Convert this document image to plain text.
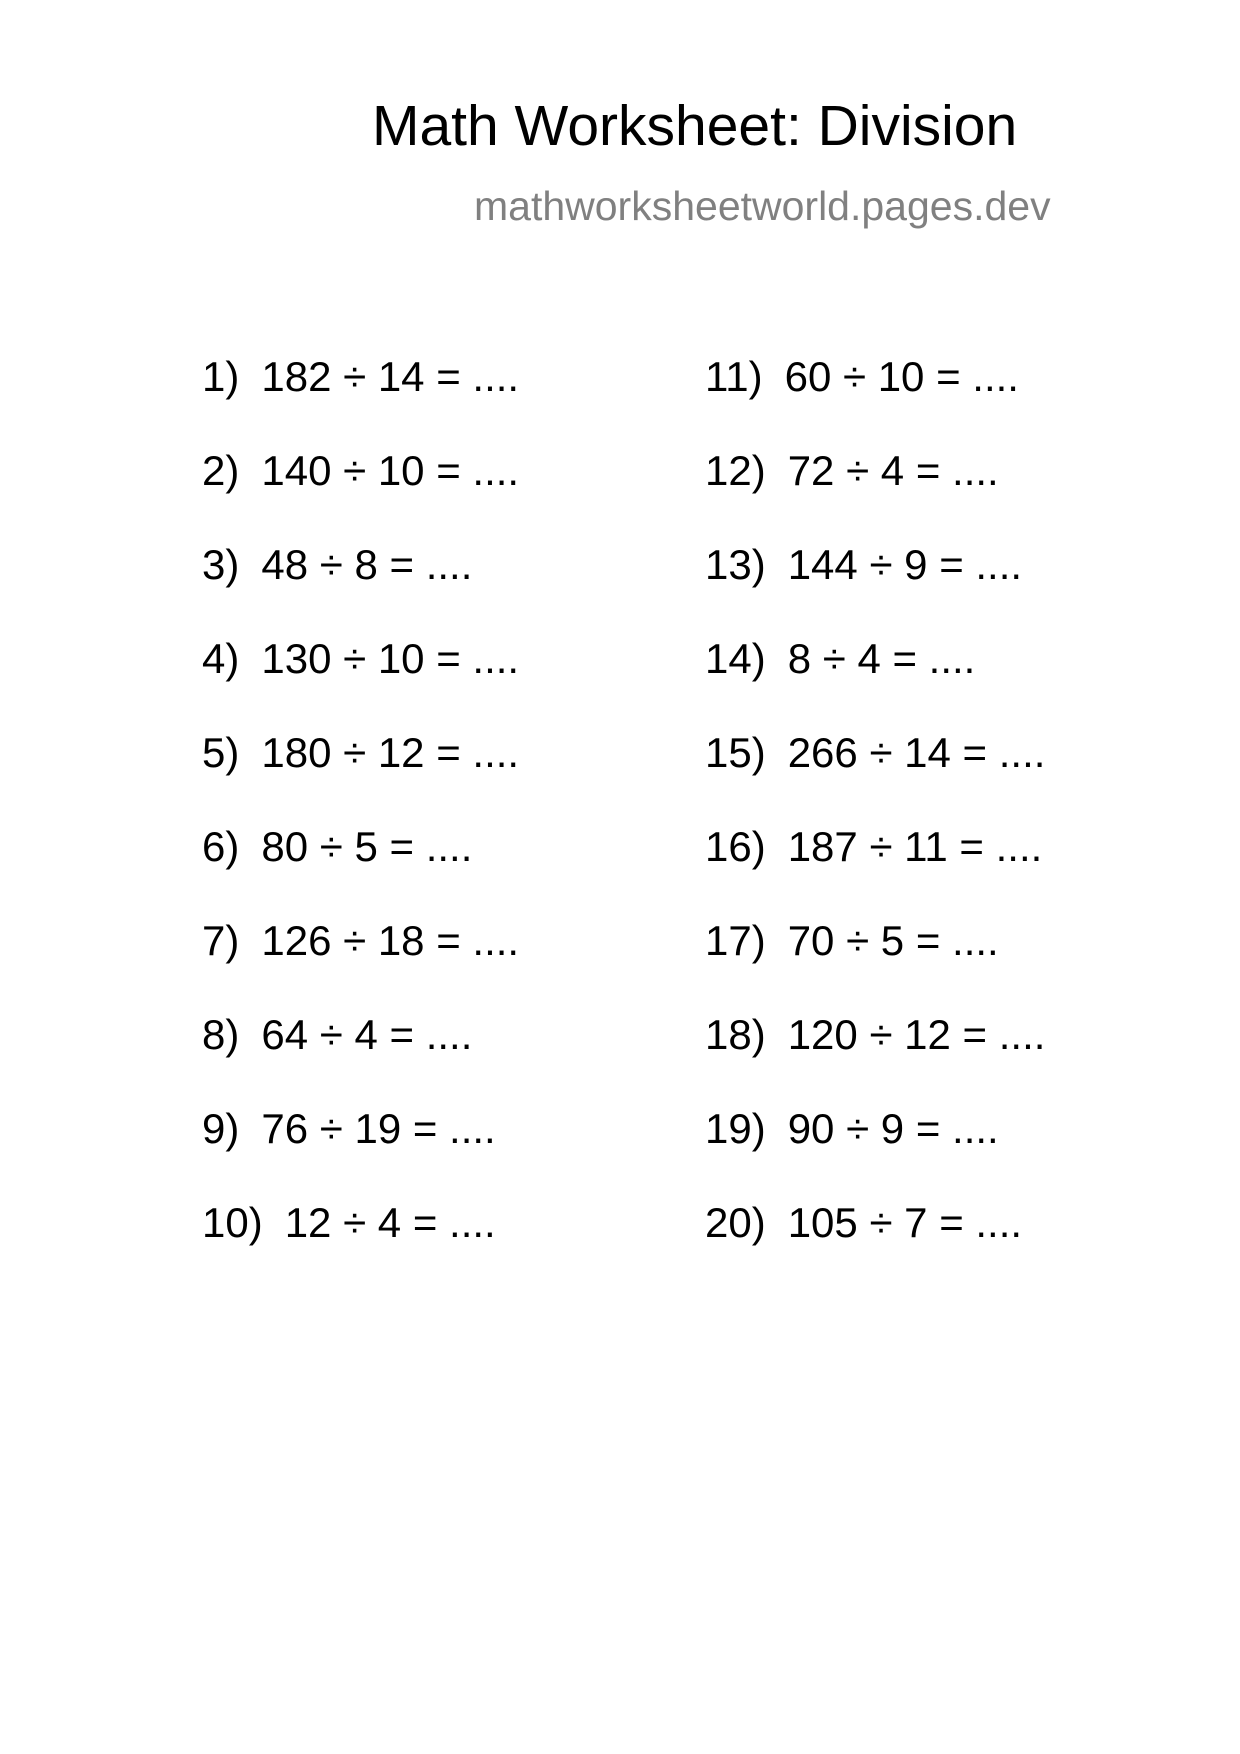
Math Worksheet: Division
mathworksheetworld.pages.dev
1) 182 ÷ 14 = ....
2) 140 ÷ 10 = ....
3) 48 ÷ 8 = ....
4) 130 ÷ 10 = ....
5) 180 ÷ 12 = ....
6) 80 ÷ 5 = ....
7) 126 ÷ 18 = ....
8) 64 ÷ 4 = ....
9) 76 ÷ 19 = ....
10) 12 ÷ 4 = ....
11) 60 ÷ 10 = ....
12) 72 ÷ 4 = ....
13) 144 ÷ 9 = ....
14) 8 ÷ 4 = ....
15) 266 ÷ 14 = ....
16) 187 ÷ 11 = ....
17) 70 ÷ 5 = ....
18) 120 ÷ 12 = ....
19) 90 ÷ 9 = ....
20) 105 ÷ 7 = ....
